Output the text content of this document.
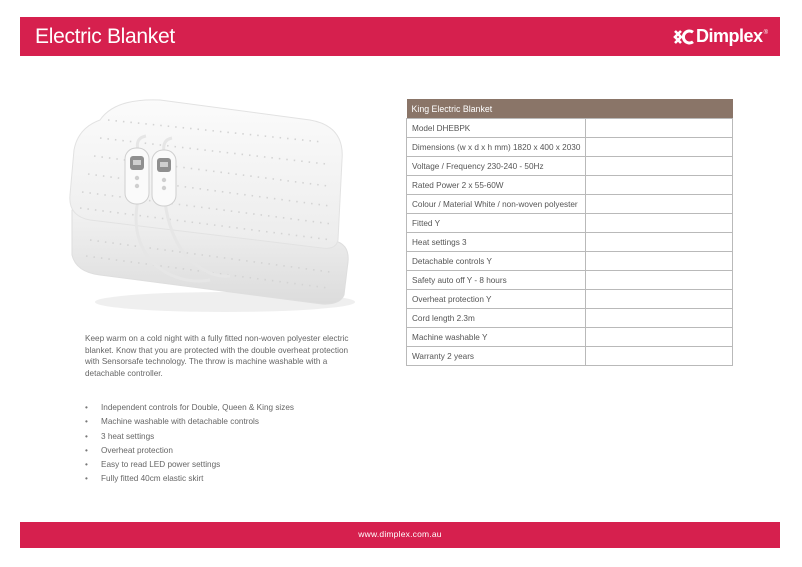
Electric Blanket	Dimplex ®
Keep warm on a cold night with a fully fitted non-woven polyester electric blanket. Know that you are protected with the double overheat protection with Sensorsafe technology. The throw is machine washable with a detachable controller.
• Independent controls for Double, Queen & King sizes
• Machine washable with detachable controls
• 3 heat settings
• Overheat protection
• Easy to read LED power settings
• Fully fitted 40cm elastic skirt
King Electric Blanket	
Model DHEBPK	
Dimensions (w x d x h mm) 1820 x 400 x 2030	
Voltage / Frequency 230-240 - 50Hz	
Rated Power 2 x 55-60W	
Colour / Material White / non-woven polyester	
Fitted Y	
Heat settings 3	
Detachable controls Y	
Safety auto off Y - 8 hours	
Overheat protection Y	
Cord length 2.3m	
Machine washable Y	
Warranty 2 years	
www.dimplex.com.au
